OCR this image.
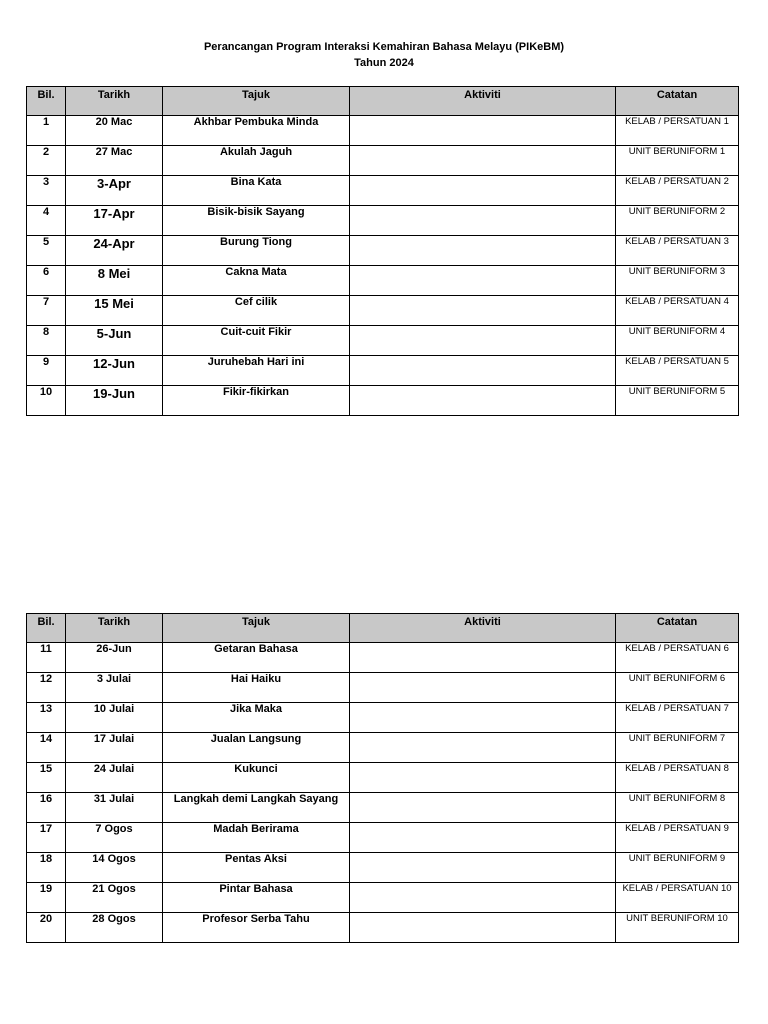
Perancangan Program Interaksi Kemahiran Bahasa Melayu (PIKeBM)
Tahun 2024
Bil.	Tarikh	Tajuk	Aktiviti	Catatan
1	20 Mac	Akhbar Pembuka Minda		KELAB / PERSATUAN 1
2	27 Mac	Akulah Jaguh		UNIT BERUNIFORM 1
3	3-Apr	Bina Kata		KELAB / PERSATUAN 2
4	17-Apr	Bisik-bisik Sayang		UNIT BERUNIFORM 2
5	24-Apr	Burung Tiong		KELAB / PERSATUAN 3
6	8 Mei	Cakna Mata		UNIT BERUNIFORM 3
7	15 Mei	Cef cilik		KELAB / PERSATUAN 4
8	5-Jun	Cuit-cuit Fikir		UNIT BERUNIFORM 4
9	12-Jun	Juruhebah Hari ini		KELAB / PERSATUAN 5
10	19-Jun	Fikir-fikirkan		UNIT BERUNIFORM 5
Bil.	Tarikh	Tajuk	Aktiviti	Catatan
11	26-Jun	Getaran Bahasa		KELAB / PERSATUAN 6
12	3 Julai	Hai Haiku		UNIT BERUNIFORM 6
13	10 Julai	Jika Maka		KELAB / PERSATUAN 7
14	17 Julai	Jualan Langsung		UNIT BERUNIFORM 7
15	24 Julai	Kukunci		KELAB / PERSATUAN 8
16	31 Julai	Langkah demi Langkah Sayang		UNIT BERUNIFORM 8
17	7 Ogos	Madah Berirama		KELAB / PERSATUAN 9
18	14 Ogos	Pentas Aksi		UNIT BERUNIFORM 9
19	21 Ogos	Pintar Bahasa		KELAB / PERSATUAN 10
20	28 Ogos	Profesor Serba Tahu		UNIT BERUNIFORM 10
